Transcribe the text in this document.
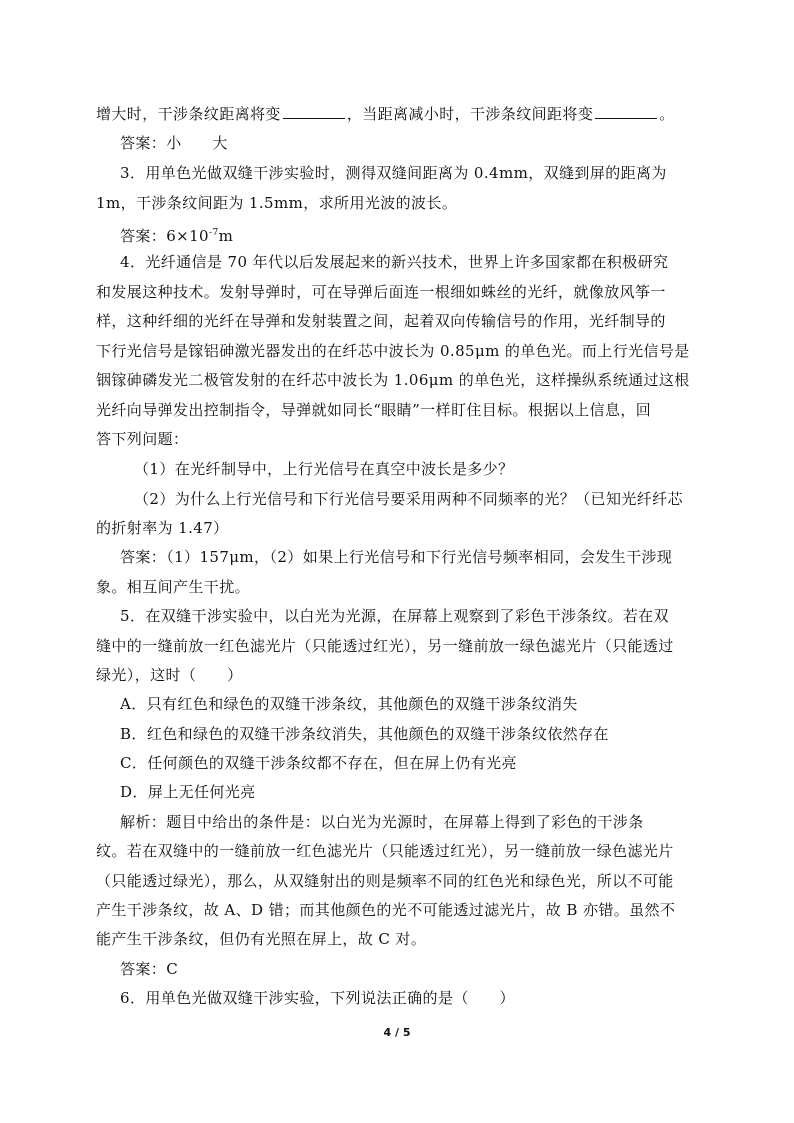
增大时，干涉条纹距离将变	，当距离减小时，干涉条纹间距将变	。
答案：小　　大
3．用单色光做双缝干涉实验时，测得双缝间距离为 0.4mm，双缝到屏的距离为
1m，干涉条纹间距为 1.5mm，求所用光波的波长。
答案：$6\times 10^{-7}m$
4．光纤通信是 70 年代以后发展起来的新兴技术，世界上许多国家都在积极研究
和发展这种技术。发射导弹时，可在导弹后面连一根细如蛛丝的光纤，就像放风筝一
样，这种纤细的光纤在导弹和发射装置之间，起着双向传输信号的作用，光纤制导的
下行光信号是镓铝砷激光器发出的在纤芯中波长为 0.85μm 的单色光。而上行光信号是
铟镓砷磷发光二极管发射的在纤芯中波长为 1.06μm 的单色光，这样操纵系统通过这根
光纤向导弹发出控制指令，导弹就如同长“眼睛”一样盯住目标。根据以上信息，回
答下列问题：
（1）在光纤制导中，上行光信号在真空中波长是多少？
（2）为什么上行光信号和下行光信号要采用两种不同频率的光？（已知光纤纤芯
的折射率为 1.47）
答案：（1）157μm，（2）如果上行光信号和下行光信号频率相同，会发生干涉现
象。相互间产生干扰。
5．在双缝干涉实验中，以白光为光源，在屏幕上观察到了彩色干涉条纹。若在双
缝中的一缝前放一红色滤光片（只能透过红光），另一缝前放一绿色滤光片（只能透过
绿光），这时（　　）
A．只有红色和绿色的双缝干涉条纹，其他颜色的双缝干涉条纹消失
B．红色和绿色的双缝干涉条纹消失，其他颜色的双缝干涉条纹依然存在
C．任何颜色的双缝干涉条纹都不存在，但在屏上仍有光亮
D．屏上无任何光亮
解析：题目中给出的条件是：以白光为光源时，在屏幕上得到了彩色的干涉条
纹。若在双缝中的一缝前放一红色滤光片（只能透过红光），另一缝前放一绿色滤光片
（只能透过绿光），那么，从双缝射出的则是频率不同的红色光和绿色光，所以不可能
产生干涉条纹，故 A、D 错；而其他颜色的光不可能透过滤光片，故 B 亦错。虽然不
能产生干涉条纹，但仍有光照在屏上，故 C 对。
答案：C
6．用单色光做双缝干涉实验，下列说法正确的是（　　）
4 / 5
